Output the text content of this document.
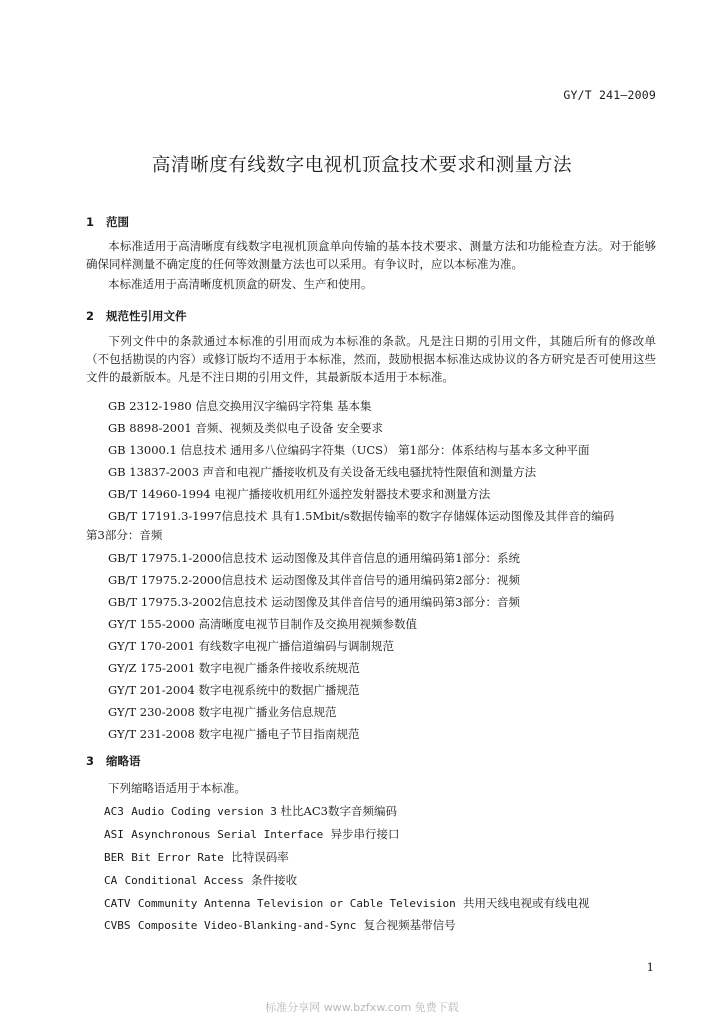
GY/T 241—2009
高清晰度有线数字电视机顶盒技术要求和测量方法
1 范围
本标准适用于高清晰度有线数字电视机顶盒单向传输的基本技术要求、测量方法和功能检查方法。对于能够确保同样测量不确定度的任何等效测量方法也可以采用。有争议时，应以本标准为准。
本标准适用于高清晰度机顶盒的研发、生产和使用。
2 规范性引用文件
下列文件中的条款通过本标准的引用而成为本标准的条款。凡是注日期的引用文件，其随后所有的修改单（不包括勘误的内容）或修订版均不适用于本标准，然而，鼓励根据本标准达成协议的各方研究是否可使用这些文件的最新版本。凡是不注日期的引用文件，其最新版本适用于本标准。
GB 2312-1980 信息交换用汉字编码字符集 基本集
GB 8898-2001 音频、视频及类似电子设备 安全要求
GB 13000.1 信息技术 通用多八位编码字符集（UCS） 第1部分：体系结构与基本多文种平面
GB 13837-2003 声音和电视广播接收机及有关设备无线电骚扰特性限值和测量方法
GB/T 14960-1994 电视广播接收机用红外遥控发射器技术要求和测量方法
GB/T 17191.3-1997信息技术 具有1.5Mbit/s数据传输率的数字存储媒体运动图像及其伴音的编码
第3部分：音频
GB/T 17975.1-2000信息技术 运动图像及其伴音信息的通用编码第1部分：系统
GB/T 17975.2-2000信息技术 运动图像及其伴音信号的通用编码第2部分：视频
GB/T 17975.3-2002信息技术 运动图像及其伴音信号的通用编码第3部分：音频
GY/T 155-2000 高清晰度电视节目制作及交换用视频参数值
GY/T 170-2001 有线数字电视广播信道编码与调制规范
GY/Z 175-2001 数字电视广播条件接收系统规范
GY/T 201-2004 数字电视系统中的数据广播规范
GY/T 230-2008 数字电视广播业务信息规范
GY/T 231-2008 数字电视广播电子节目指南规范
3 缩略语
下列缩略语适用于本标准。
AC3 Audio Coding version 3 杜比AC3数字音频编码
ASI Asynchronous Serial Interface 异步串行接口
BER Bit Error Rate 比特误码率
CA Conditional Access 条件接收
CATV Community Antenna Television or Cable Television 共用天线电视或有线电视
CVBS Composite Video-Blanking-and-Sync 复合视频基带信号
1
标准分享网 www.bzfxw.com 免费下载
